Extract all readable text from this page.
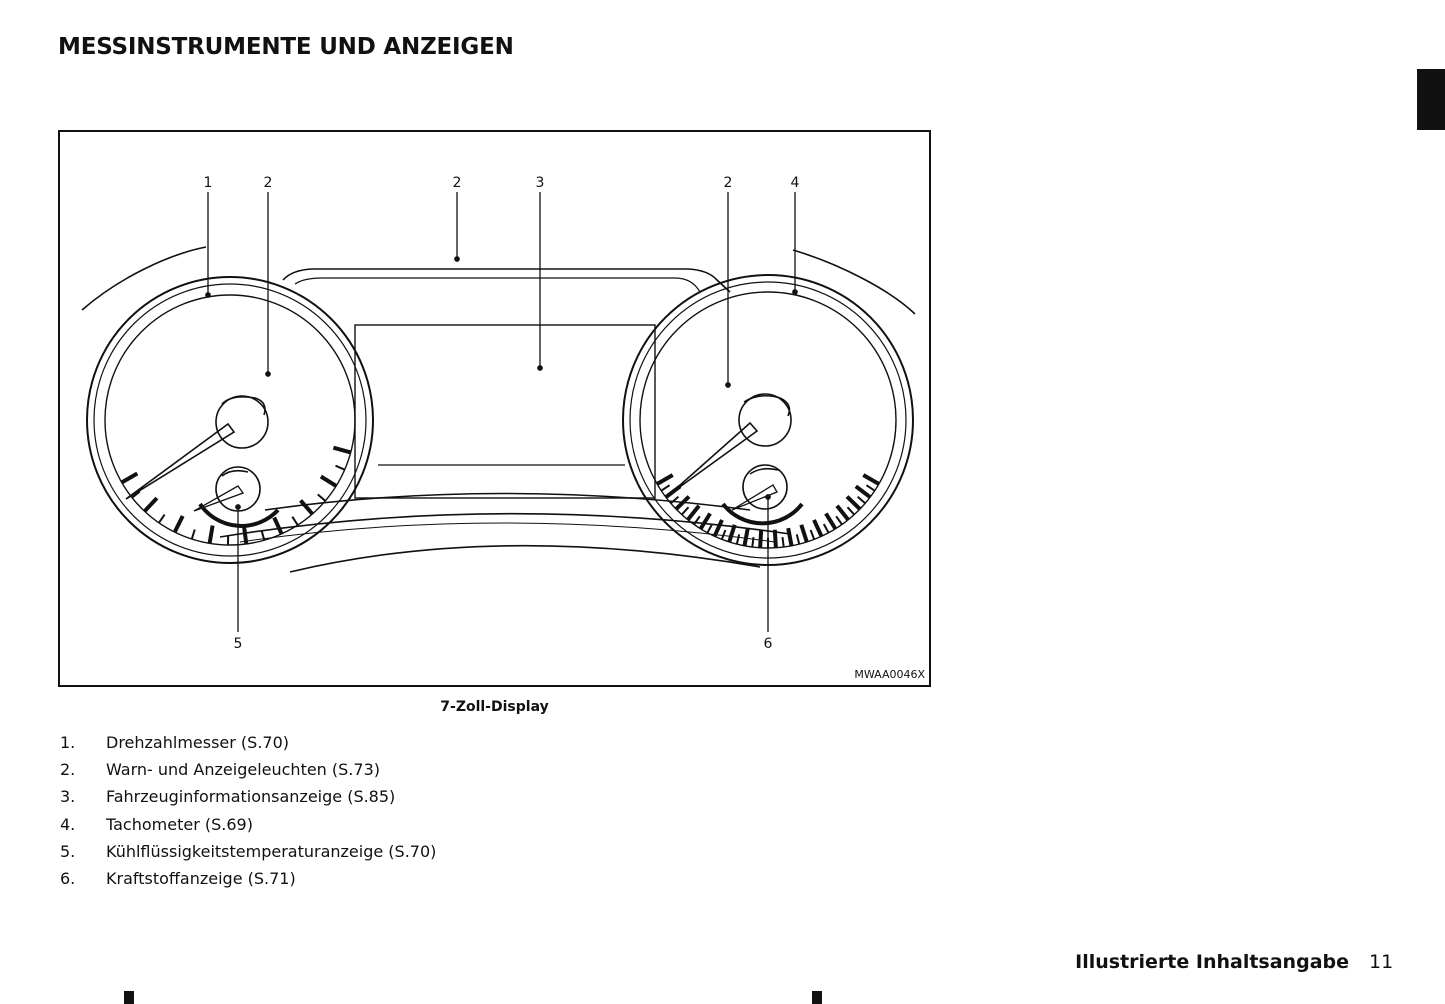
MESSINSTRUMENTE UND ANZEIGEN
1	2	2	3	2	4
5	6
MWAA0046X
7-Zoll-Display
1.	Drehzahlmesser (S.70)
2.	Warn- und Anzeigeleuchten (S.73)
3.	Fahrzeuginformationsanzeige (S.85)
4.	Tachometer (S.69)
5.	Kühlflüssigkeitstemperaturanzeige (S.70)
6.	Kraftstoffanzeige (S.71)
Illustrierte Inhaltsangabe 11
